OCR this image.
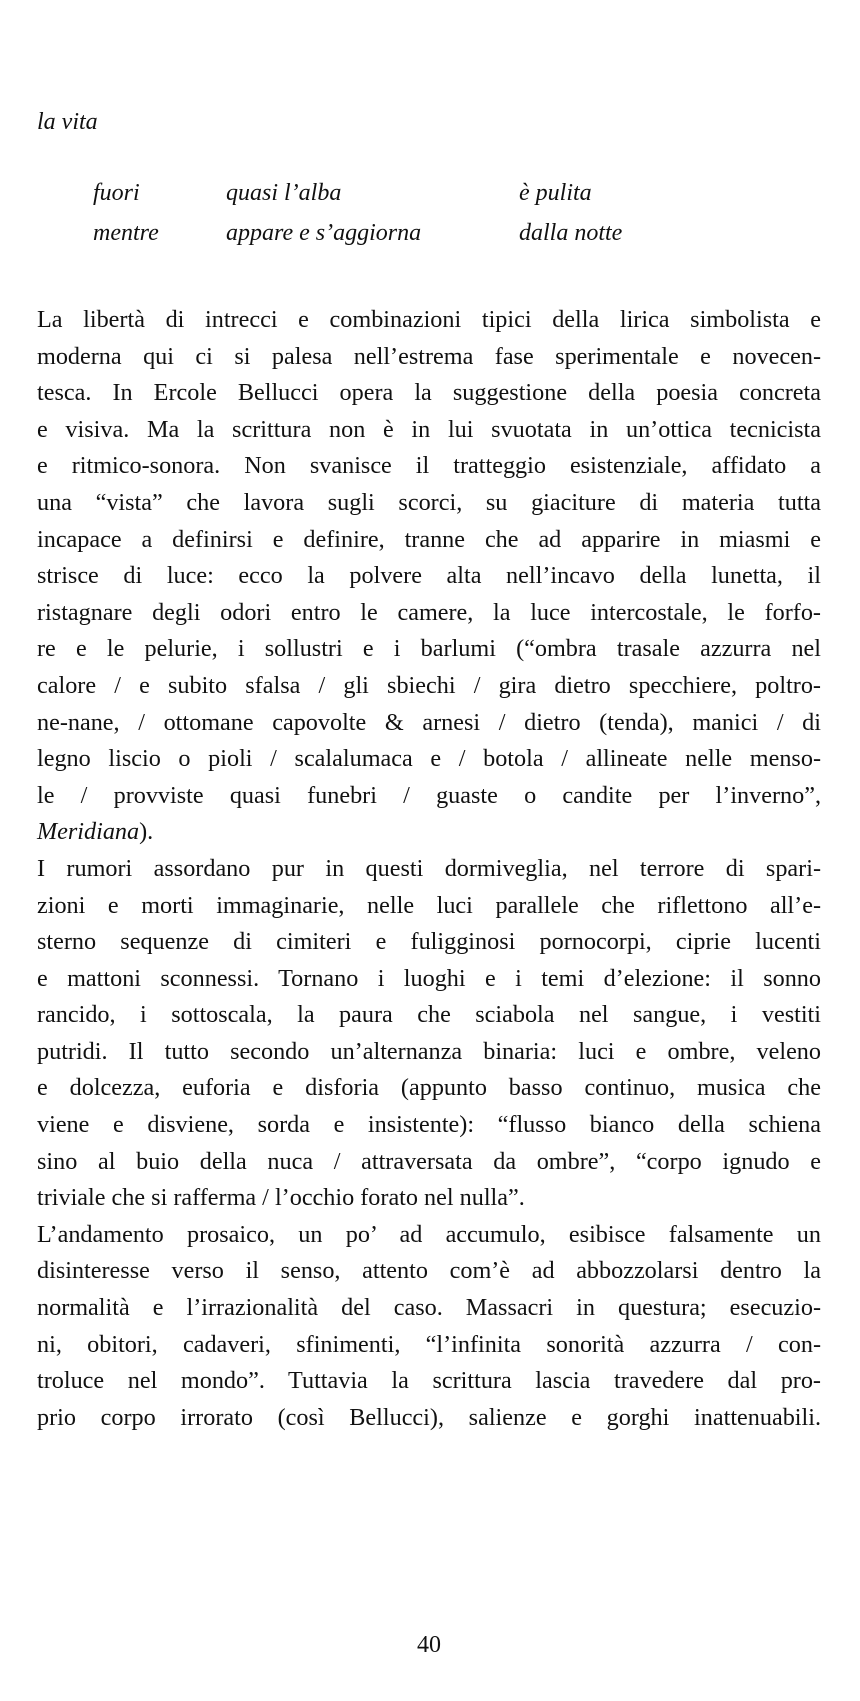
la vita
fuori	quasi l’alba	è pulita
mentre	appare e s’aggiorna	dalla notte
La libertà di intrecci e combinazioni tipici della lirica simbolista e
moderna qui ci si palesa nell’estrema fase sperimentale e novecen-
tesca. In Ercole Bellucci opera la suggestione della poesia concreta
e visiva. Ma la scrittura non è in lui svuotata in un’ottica tecnicista
e ritmico-sonora. Non svanisce il tratteggio esistenziale, affidato a
una “vista” che lavora sugli scorci, su giaciture di materia tutta
incapace a definirsi e definire, tranne che ad apparire in miasmi e
strisce di luce: ecco la polvere alta nell’incavo della lunetta, il
ristagnare degli odori entro le camere, la luce intercostale, le forfo-
re e le pelurie, i sollustri e i barlumi (“ombra trasale azzurra nel
calore / e subito sfalsa / gli sbiechi / gira dietro specchiere, poltro-
ne-nane, / ottomane capovolte & arnesi / dietro (tenda), manici / di
legno liscio o pioli / scalalumaca e / botola / allineate nelle menso-
le / provviste quasi funebri / guaste o candite per l’inverno”,
Meridiana).
I rumori assordano pur in questi dormiveglia, nel terrore di spari-
zioni e morti immaginarie, nelle luci parallele che riflettono all’e-
sterno sequenze di cimiteri e fuligginosi pornocorpi, ciprie lucenti
e mattoni sconnessi. Tornano i luoghi e i temi d’elezione: il sonno
rancido, i sottoscala, la paura che sciabola nel sangue, i vestiti
putridi. Il tutto secondo un’alternanza binaria: luci e ombre, veleno
e dolcezza, euforia e disforia (appunto basso continuo, musica che
viene e disviene, sorda e insistente): “flusso bianco della schiena
sino al buio della nuca / attraversata da ombre”, “corpo ignudo e
triviale che si rafferma / l’occhio forato nel nulla”.
L’andamento prosaico, un po’ ad accumulo, esibisce falsamente un
disinteresse verso il senso, attento com’è ad abbozzolarsi dentro la
normalità e l’irrazionalità del caso. Massacri in questura; esecuzio-
ni, obitori, cadaveri, sfinimenti, “l’infinita sonorità azzurra / con-
troluce nel mondo”. Tuttavia la scrittura lascia travedere dal pro-
prio corpo irrorato (così Bellucci), salienze e gorghi inattenuabili.
40
